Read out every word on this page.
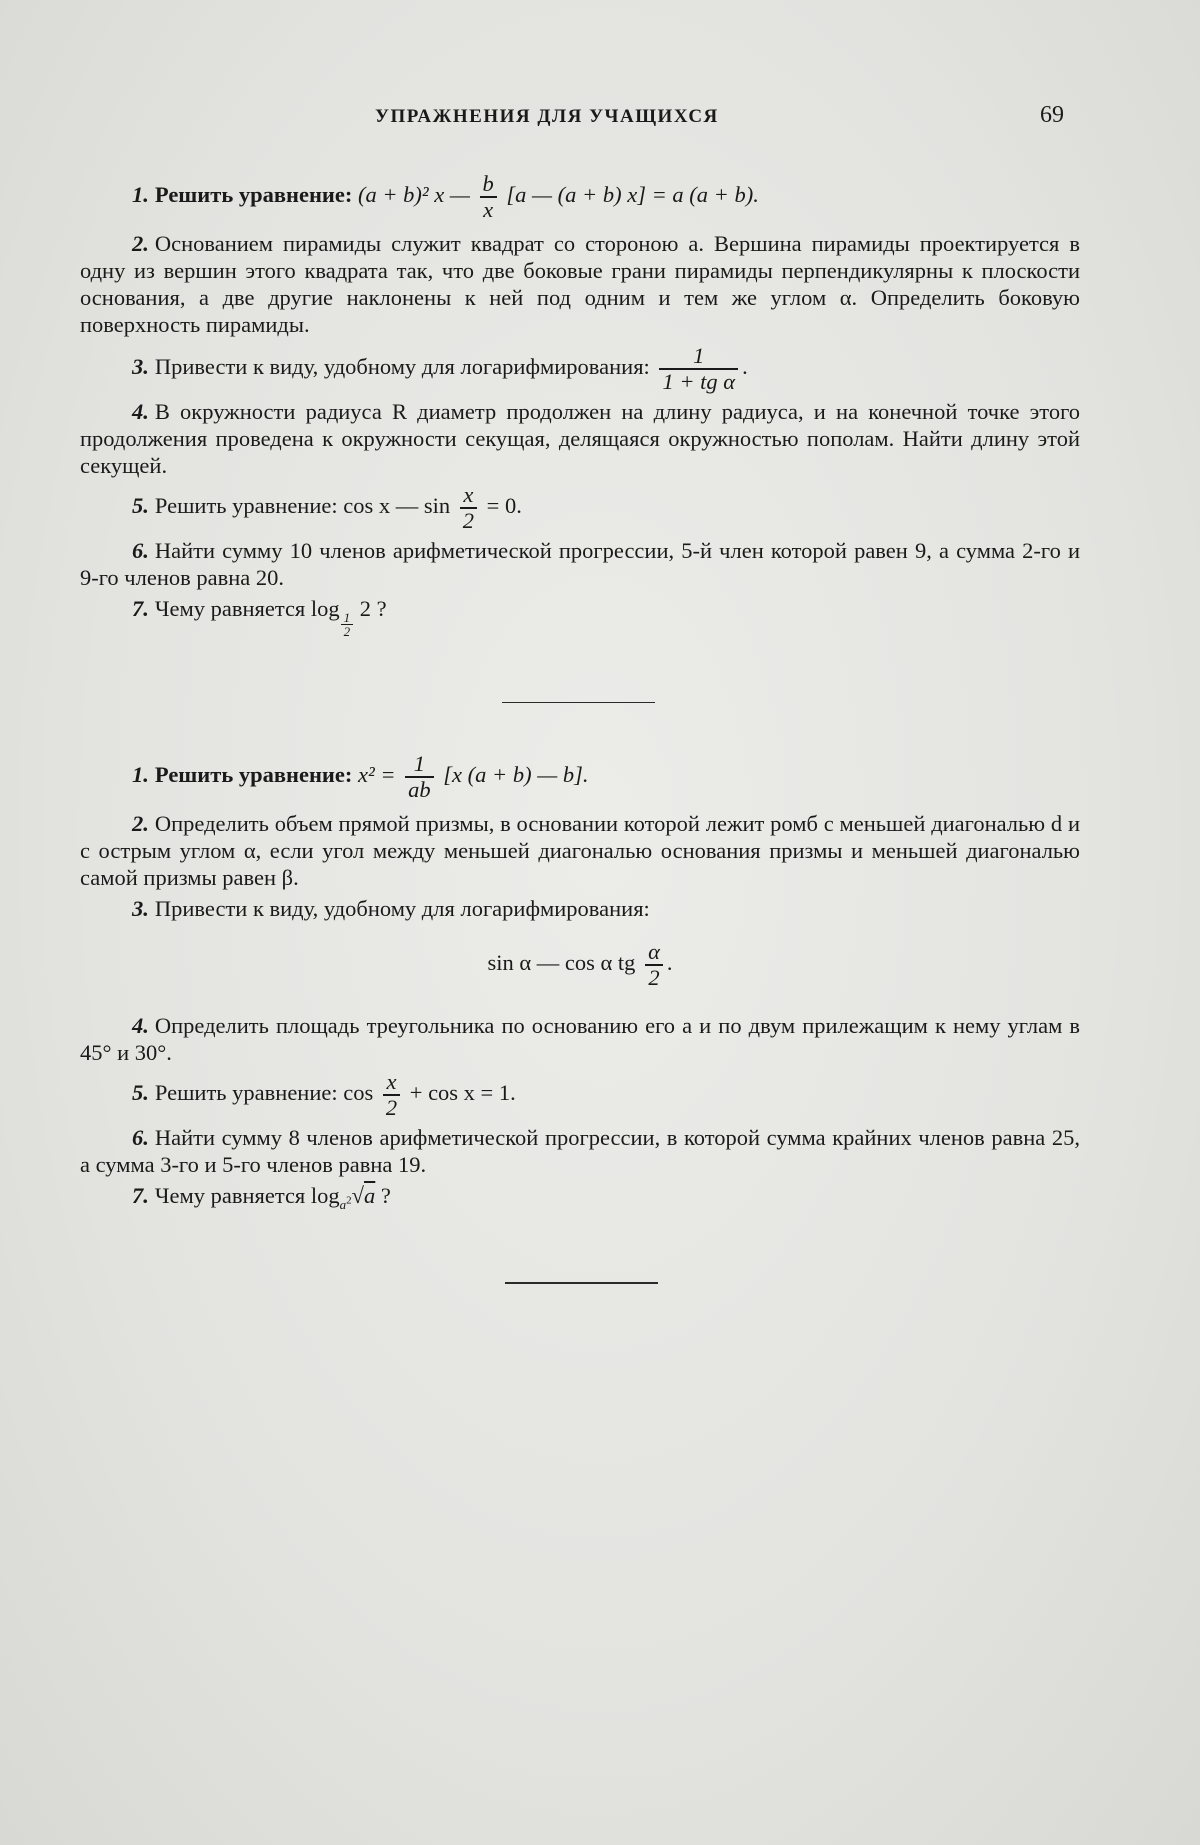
УПРАЖНЕНИЯ ДЛЯ УЧАЩИХСЯ	69
1. Решить уравнение: (a + b)² x — $\frac{b}{x} [a$ — (a + b) x] = a (a + b).
2. Основанием пирамиды служит квадрат со стороною a. Вершина пирамиды проектируется в одну из вершин этого квадрата так, что две боковые грани пирамиды перпендикулярны к плоскости основания, а две другие наклонены к ней под одним и тем же углом α. Определить боковую поверхность пирамиды.
3. Привести к виду, удобному для логарифмирования: $\frac{1}{\text{1 + tg α}}$ .
4. В окружности радиуса R диаметр продолжен на длину радиуса, и на конечной точке этого продолжения проведена к окружности секущая, делящаяся окружностью пополам. Найти длину этой секущей.
5. Решить уравнение: cos x — $\sin \frac{x}{2} = 0$.
6. Найти сумму 10 членов арифметической прогрессии, 5-й член которой равен 9, а сумма 2-го и 9-го членов равна 20.
7. Чему равняется log
$\frac{1}{2}$
2 ?
1. Решить уравнение: $x^2 = \frac{1}{ab} [x$ (a + b) — b].
2. Определить объем прямой призмы, в основании которой лежит ромб с меньшей диагональю d и с острым углом α, если угол между меньшей диагональю основания призмы и меньшей диагональю самой призмы равен β.
3. Привести к виду, удобному для логарифмирования:
sin α — cos α tg $\frac{\alpha}{2}$ .
4. Определить площадь треугольника по основанию его a и по двум прилежащим к нему углам в 45° и 30°.
5. Решить уравнение: $\cos \frac{x}{2} + \cos x = 1$.
6. Найти сумму 8 членов арифметической прогрессии, в которой сумма крайних членов равна 25, а сумма 3-го и 5-го членов равна 19.
7. Чему равняется $\log_{a^2}√a$ ?
